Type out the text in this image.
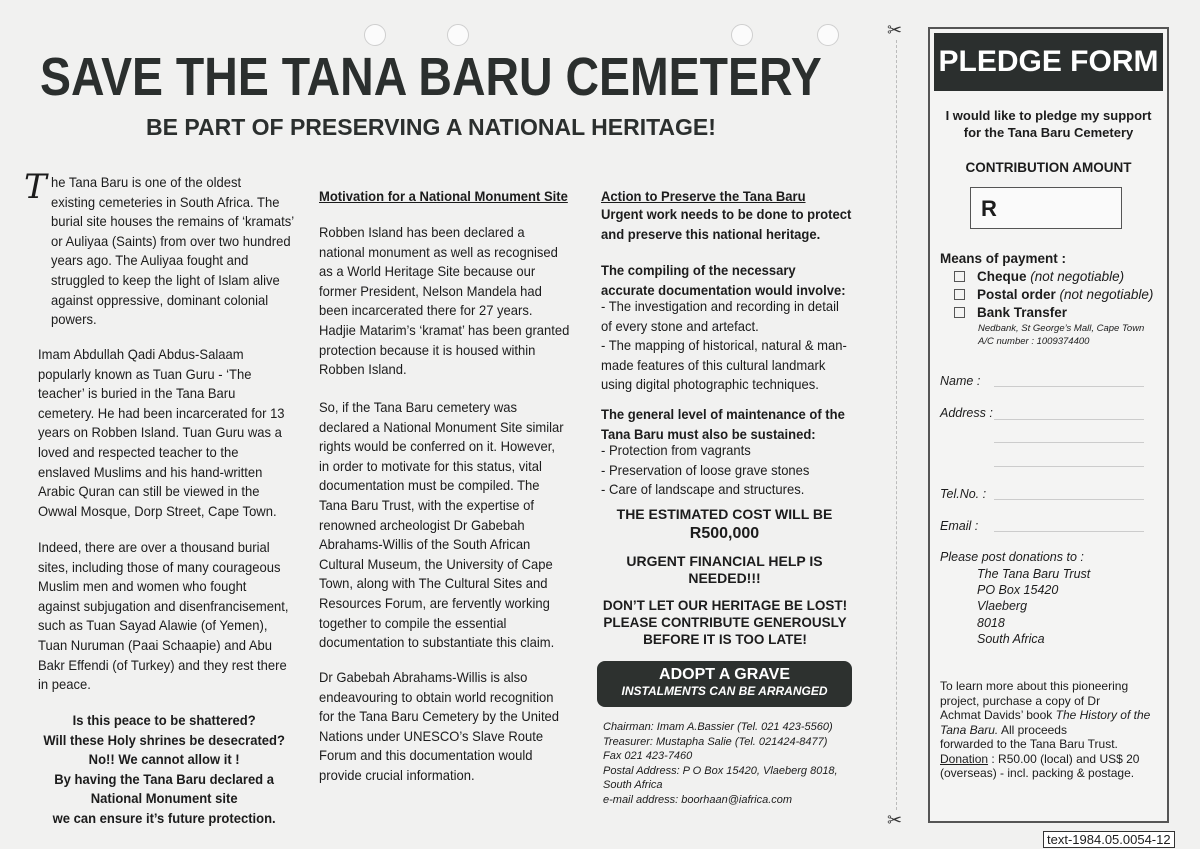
SAVE THE TANA BARU CEMETERY
BE PART OF PRESERVING A NATIONAL HERITAGE!
T he Tana Baru is one of the oldest
existing cemeteries in South Africa. The
burial site houses the remains of ‘kramats’
or Auliyaa (Saints) from over two hundred
years ago. The Auliyaa fought and
struggled to keep the light of Islam alive
against oppressive, dominant colonial
powers.
Imam Abdullah Qadi Abdus-Salaam
popularly known as Tuan Guru - ‘The
teacher’ is buried in the Tana Baru
cemetery. He had been incarcerated for 13
years on Robben Island. Tuan Guru was a
loved and respected teacher to the
enslaved Muslims and his hand-written
Arabic Quran can still be viewed in the
Owwal Mosque, Dorp Street, Cape Town.
Indeed, there are over a thousand burial
sites, including those of many courageous
Muslim men and women who fought
against subjugation and disenfrancisement,
such as Tuan Sayad Alawie (of Yemen),
Tuan Nuruman (Paai Schaapie) and Abu
Bakr Effendi (of Turkey) and they rest there
in peace.
Is this peace to be shattered?
Will these Holy shrines be desecrated?
No!! We cannot allow it !
By having the Tana Baru declared a
National Monument site
we can ensure it’s future protection.
Motivation for a National Monument Site
Robben Island has been declared a
national monument as well as recognised
as a World Heritage Site because our
former President, Nelson Mandela had
been incarcerated there for 27 years.
Hadjie Matarim’s ‘kramat’ has been granted
protection because it is housed within
Robben Island.
So, if the Tana Baru cemetery was
declared a National Monument Site similar
rights would be conferred on it. However,
in order to motivate for this status, vital
documentation must be compiled. The
Tana Baru Trust, with the expertise of
renowned archeologist Dr Gabebah
Abrahams-Willis of the South African
Cultural Museum, the University of Cape
Town, along with The Cultural Sites and
Resources Forum, are fervently working
together to compile the essential
documentation to substantiate this claim.
Dr Gabebah Abrahams-Willis is also
endeavouring to obtain world recognition
for the Tana Baru Cemetery by the United
Nations under UNESCO’s Slave Route
Forum and this documentation would
provide crucial information.
Action to Preserve the Tana Baru
Urgent work needs to be done to protect
and preserve this national heritage.
The compiling of the necessary
accurate documentation would involve:
- The investigation and recording in detail
of every stone and artefact.
- The mapping of historical, natural & man-
made features of this cultural landmark
using digital photographic techniques.
The general level of maintenance of the
Tana Baru must also be sustained:
- Protection from vagrants
- Preservation of loose grave stones
- Care of landscape and structures.
THE ESTIMATED COST WILL BE
R500,000
URGENT FINANCIAL HELP IS
NEEDED!!!
DON’T LET OUR HERITAGE BE LOST!
PLEASE CONTRIBUTE GENEROUSLY
BEFORE IT IS TOO LATE!
ADOPT A GRAVE
INSTALMENTS CAN BE ARRANGED
Chairman: Imam A.Bassier (Tel. 021 423-5560)
Treasurer: Mustapha Salie (Tel. 021424-8477)
Fax 021 423-7460
Postal Address: P O Box 15420, Vlaeberg 8018,
South Africa
e-mail address: boorhaan@iafrica.com
✂
✂
PLEDGE FORM
I would like to pledge my support
for the Tana Baru Cemetery
CONTRIBUTION AMOUNT
R
Means of payment :
Cheque (not negotiable)
Postal order (not negotiable)
Bank Transfer
Nedbank, St George’s Mall, Cape Town
A/C number : 1009374400
Name :
Address :
Tel.No. :
Email :
Please post donations to :
The Tana Baru Trust
PO Box 15420
Vlaeberg
8018
South Africa
To learn more about this pioneering
project, purchase a copy of Dr
Achmat Davids’ book The History of the Tana Baru. All proceeds
forwarded to the Tana Baru Trust.
Donation : R50.00 (local) and US$ 20
(overseas) - incl. packing & postage.
text-1984.05.0054-12
